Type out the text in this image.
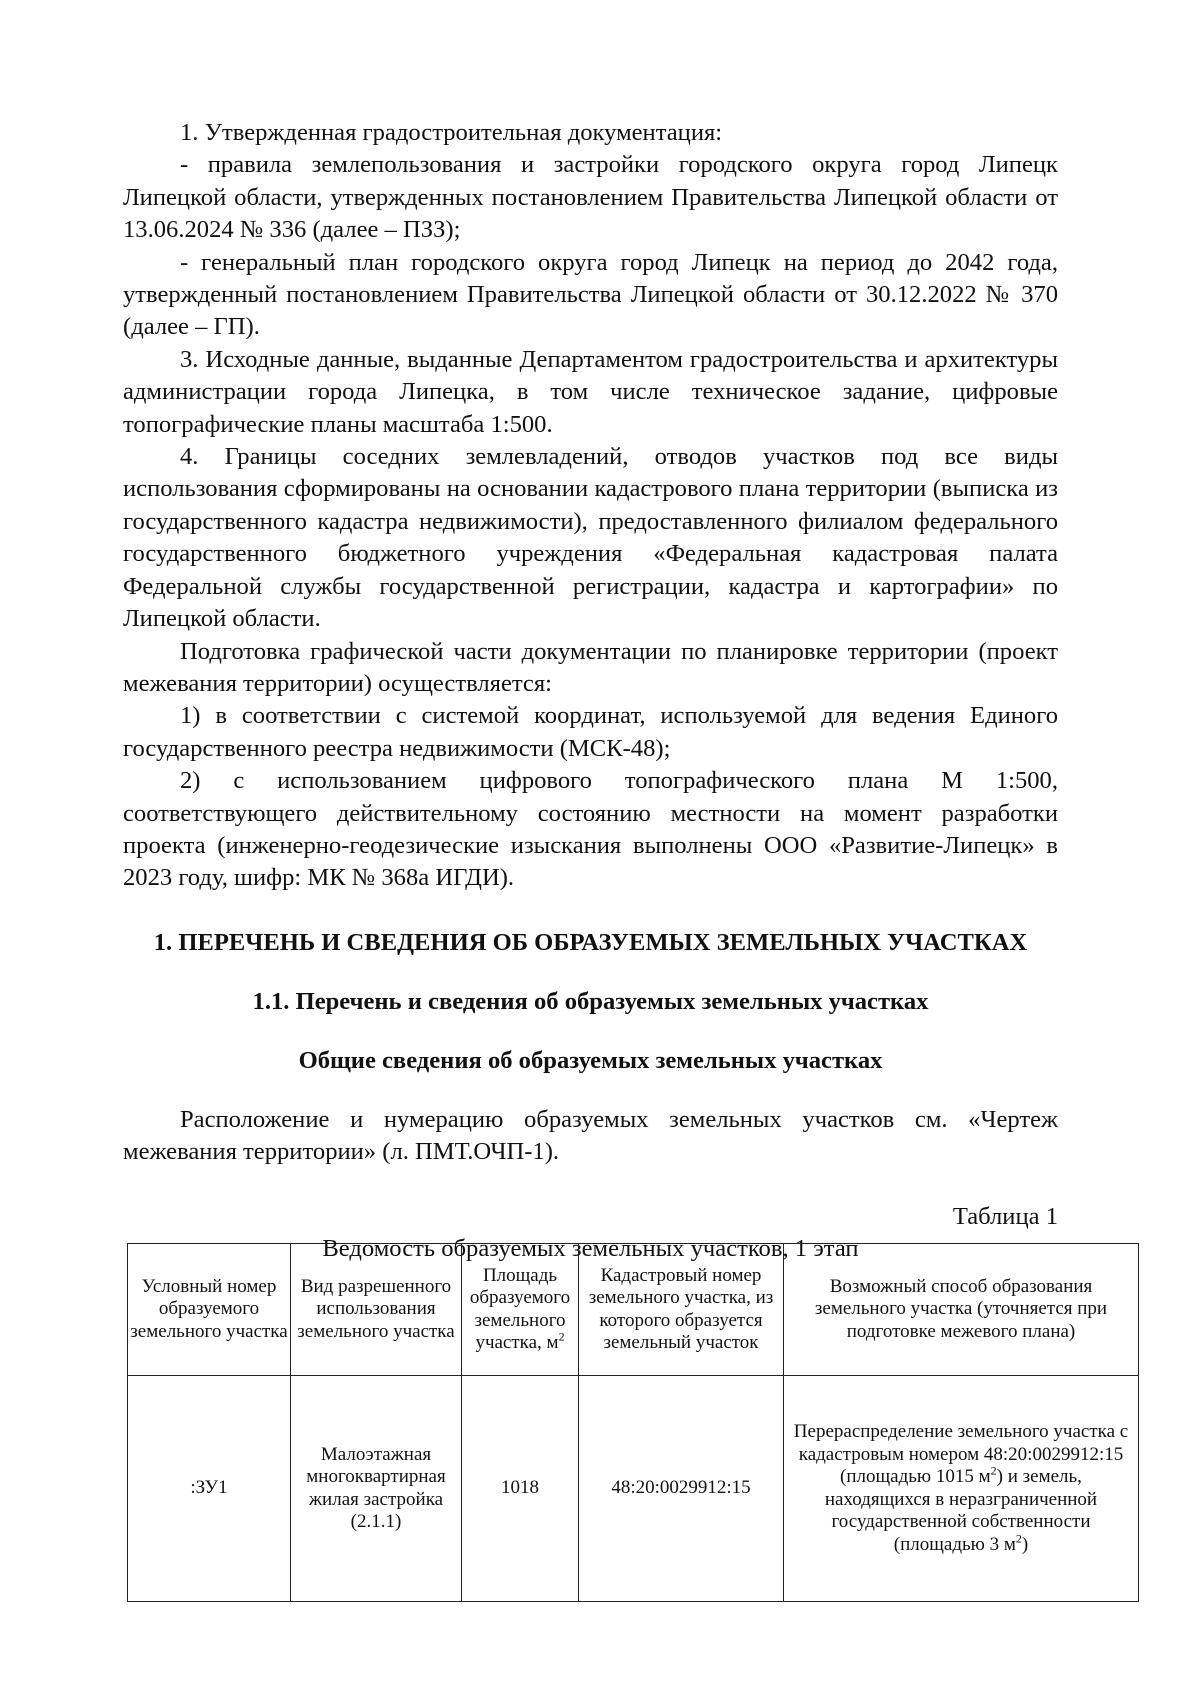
1. Утвержденная градостроительная документация:

- правила землепользования и застройки городского округа город Липецк Липецкой области, утвержденных постановлением Правительства Липецкой области от 13.06.2024 № 336 (далее – ПЗЗ);

- генеральный план городского округа город Липецк на период до 2042 года, утвержденный постановлением Правительства Липецкой области от 30.12.2022 № 370 (далее – ГП).

3. Исходные данные, выданные Департаментом градостроительства и архитектуры администрации города Липецка, в том числе техническое задание, цифровые топографические планы масштаба 1:500.

4. Границы соседних землевладений, отводов участков под все виды использования сформированы на основании кадастрового плана территории (выписка из государственного кадастра недвижимости), предоставленного филиалом федерального государственного бюджетного учреждения «Федеральная кадастровая палата Федеральной службы государственной регистрации, кадастра и картографии» по Липецкой области.

Подготовка графической части документации по планировке территории (проект межевания территории) осуществляется:

1) в соответствии с системой координат, используемой для ведения Единого государственного реестра недвижимости (МСК-48);

2) с использованием цифрового топографического плана М 1:500, соответствующего действительному состоянию местности на момент разработки проекта (инженерно-геодезические изыскания выполнены ООО «Развитие-Липецк» в 2023 году, шифр: МК № 368а ИГДИ).

1. ПЕРЕЧЕНЬ И СВЕДЕНИЯ ОБ ОБРАЗУЕМЫХ ЗЕМЕЛЬНЫХ УЧАСТКАХ
1.1. Перечень и сведения об образуемых земельных участках
Общие сведения об образуемых земельных участках

Расположение и нумерацию образуемых земельных участков см. «Чертеж межевания территории» (л. ПМТ.ОЧП-1).

Таблица 1
Ведомость образуемых земельных участков, 1 этап
Условный номер образуемого земельного участка	Вид разрешенного использования земельного участка	Площадь образуемого земельного участка, $м^2$	Кадастровый номер земельного участка, из которого образуется земельный участок	Возможный способ образования земельного участка (уточняется при подготовке межевого плана)
:ЗУ1	Малоэтажная многоквартирная жилая застройка (2.1.1)	1018	48:20:0029912:15	Перераспределение земельного участка с кадастровым номером 48:20:0029912:15 (площадью 1015 $м^2$) и земель, находящихся в неразграниченной государственной собственности (площадью 3 $м^2$)
